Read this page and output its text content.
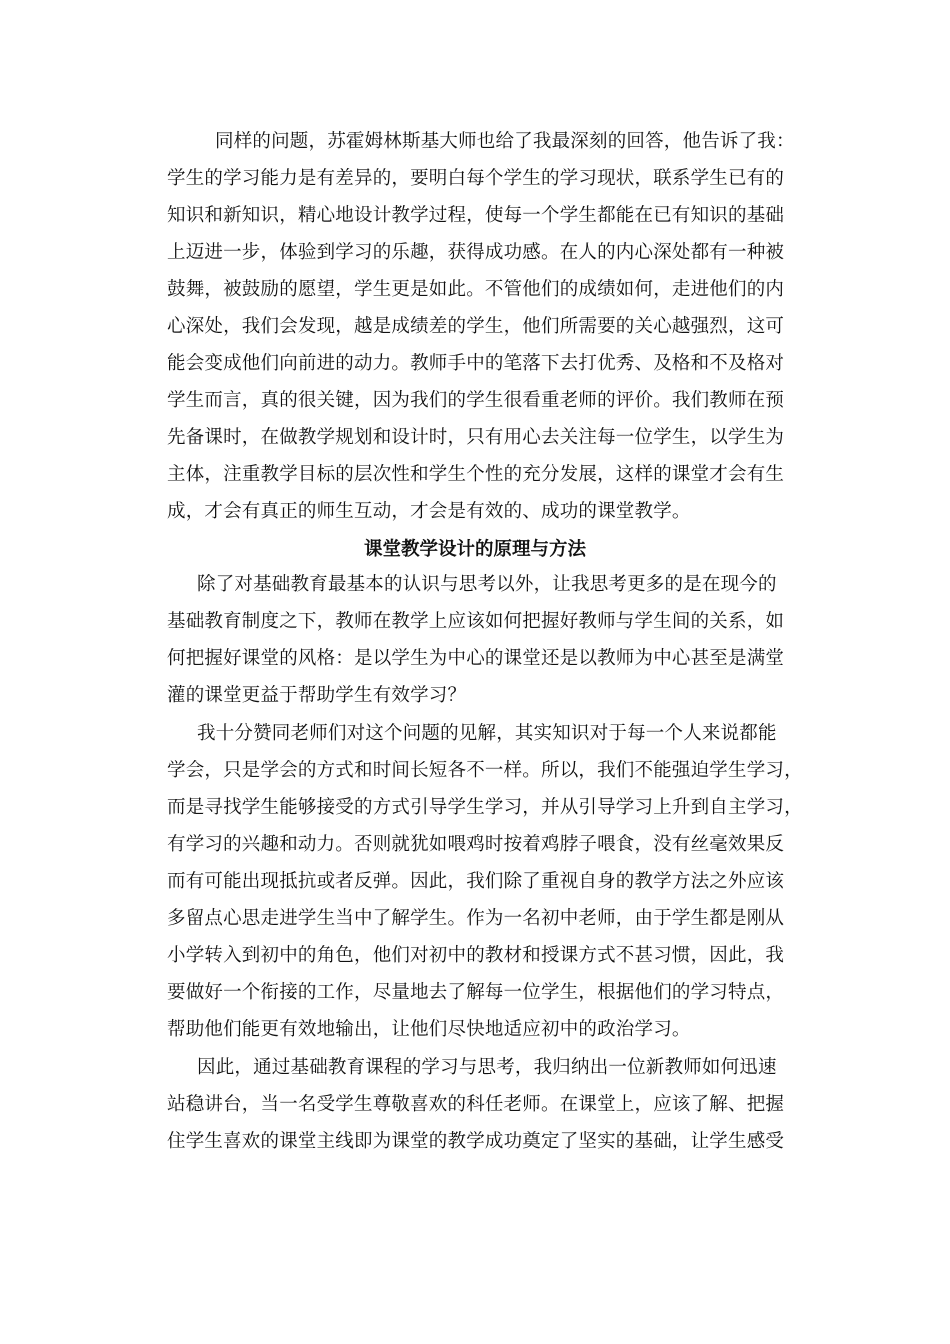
同样的问题，苏霍姆林斯基大师也给了我最深刻的回答，他告诉了我：
学生的学习能力是有差异的，要明白每个学生的学习现状，联系学生已有的
知识和新知识，精心地设计教学过程，使每一个学生都能在已有知识的基础
上迈进一步，体验到学习的乐趣，获得成功感。在人的内心深处都有一种被
鼓舞，被鼓励的愿望，学生更是如此。不管他们的成绩如何，走进他们的内
心深处，我们会发现，越是成绩差的学生，他们所需要的关心越强烈，这可
能会变成他们向前进的动力。教师手中的笔落下去打优秀、及格和不及格对
学生而言，真的很关键，因为我们的学生很看重老师的评价。我们教师在预
先备课时，在做教学规划和设计时，只有用心去关注每一位学生，以学生为
主体，注重教学目标的层次性和学生个性的充分发展，这样的课堂才会有生
成，才会有真正的师生互动，才会是有效的、成功的课堂教学。
课堂教学设计的原理与方法
除了对基础教育最基本的认识与思考以外，让我思考更多的是在现今的
基础教育制度之下，教师在教学上应该如何把握好教师与学生间的关系，如
何把握好课堂的风格：是以学生为中心的课堂还是以教师为中心甚至是满堂
灌的课堂更益于帮助学生有效学习？
我十分赞同老师们对这个问题的见解，其实知识对于每一个人来说都能
学会，只是学会的方式和时间长短各不一样。所以，我们不能强迫学生学习，
而是寻找学生能够接受的方式引导学生学习，并从引导学习上升到自主学习，
有学习的兴趣和动力。否则就犹如喂鸡时按着鸡脖子喂食，没有丝毫效果反
而有可能出现抵抗或者反弹。因此，我们除了重视自身的教学方法之外应该
多留点心思走进学生当中了解学生。作为一名初中老师，由于学生都是刚从
小学转入到初中的角色，他们对初中的教材和授课方式不甚习惯，因此，我
要做好一个衔接的工作，尽量地去了解每一位学生，根据他们的学习特点，
帮助他们能更有效地输出，让他们尽快地适应初中的政治学习。
因此，通过基础教育课程的学习与思考，我归纳出一位新教师如何迅速
站稳讲台，当一名受学生尊敬喜欢的科任老师。在课堂上，应该了解、把握
住学生喜欢的课堂主线即为课堂的教学成功奠定了坚实的基础，让学生感受
